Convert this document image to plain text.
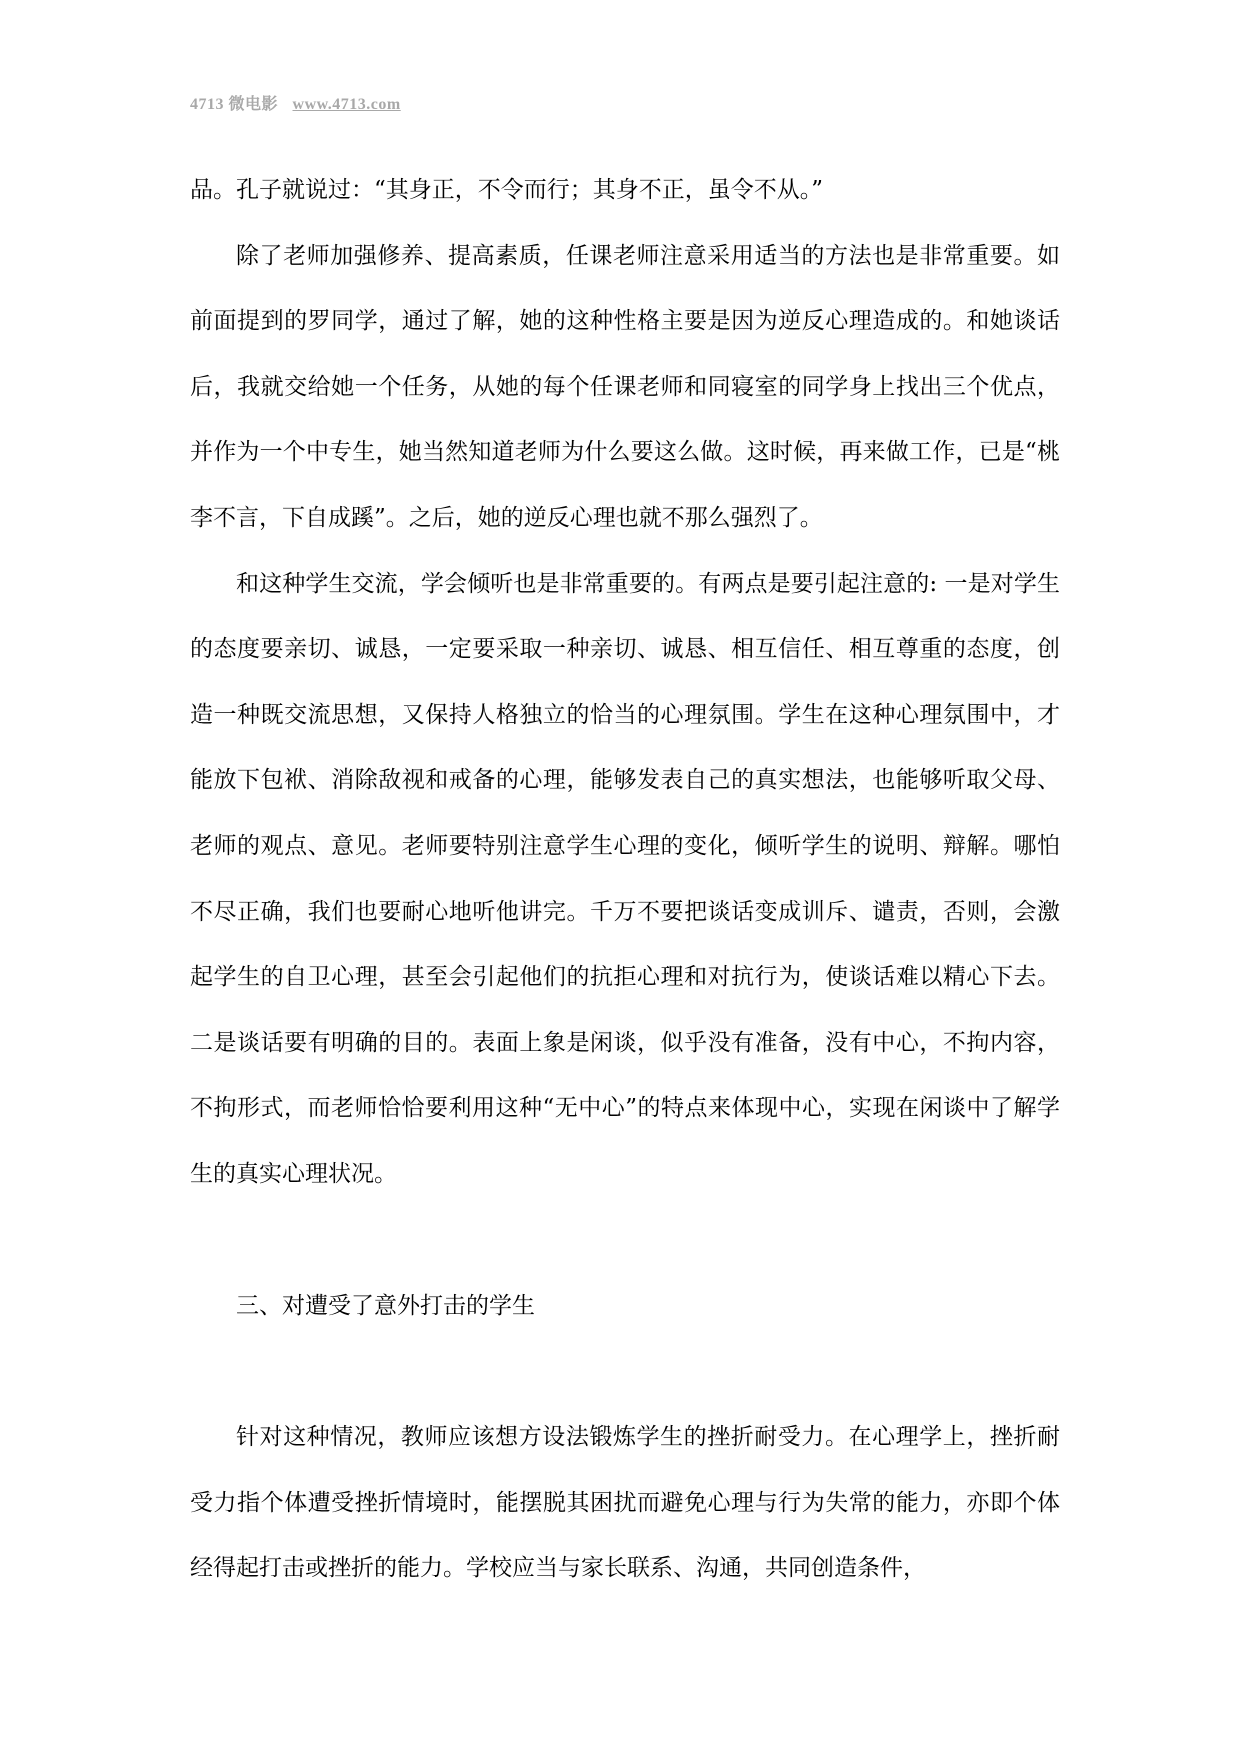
4713 微电影 www.4713.com

品。孔子就说过：“其身正，不令而行；其身不正，虽令不从。”

除了老师加强修养、提高素质，任课老师注意采用适当的方法也是非常重要。如前面提到的罗同学，通过了解，她的这种性格主要是因为逆反心理造成的。和她谈话后，我就交给她一个任务，从她的每个任课老师和同寝室的同学身上找出三个优点，并作为一个中专生，她当然知道老师为什么要这么做。这时候，再来做工作，已是“桃李不言，下自成蹊”。之后，她的逆反心理也就不那么强烈了。

和这种学生交流，学会倾听也是非常重要的。有两点是要引起注意的: 一是对学生的态度要亲切、诚恳，一定要采取一种亲切、诚恳、相互信任、相互尊重的态度，创造一种既交流思想，又保持人格独立的恰当的心理氛围。学生在这种心理氛围中，才能放下包袱、消除敌视和戒备的心理，能够发表自己的真实想法，也能够听取父母、老师的观点、意见。老师要特别注意学生心理的变化，倾听学生的说明、辩解。哪怕不尽正确，我们也要耐心地听他讲完。千万不要把谈话变成训斥、谴责，否则，会激起学生的自卫心理，甚至会引起他们的抗拒心理和对抗行为，使谈话难以精心下去。二是谈话要有明确的目的。表面上象是闲谈，似乎没有准备，没有中心，不拘内容，不拘形式，而老师恰恰要利用这种“无中心”的特点来体现中心，实现在闲谈中了解学生的真实心理状况。

三、对遭受了意外打击的学生

针对这种情况，教师应该想方设法锻炼学生的挫折耐受力。在心理学上，挫折耐受力指个体遭受挫折情境时，能摆脱其困扰而避免心理与行为失常的能力，亦即个体经得起打击或挫折的能力。学校应当与家长联系、沟通，共同创造条件，
